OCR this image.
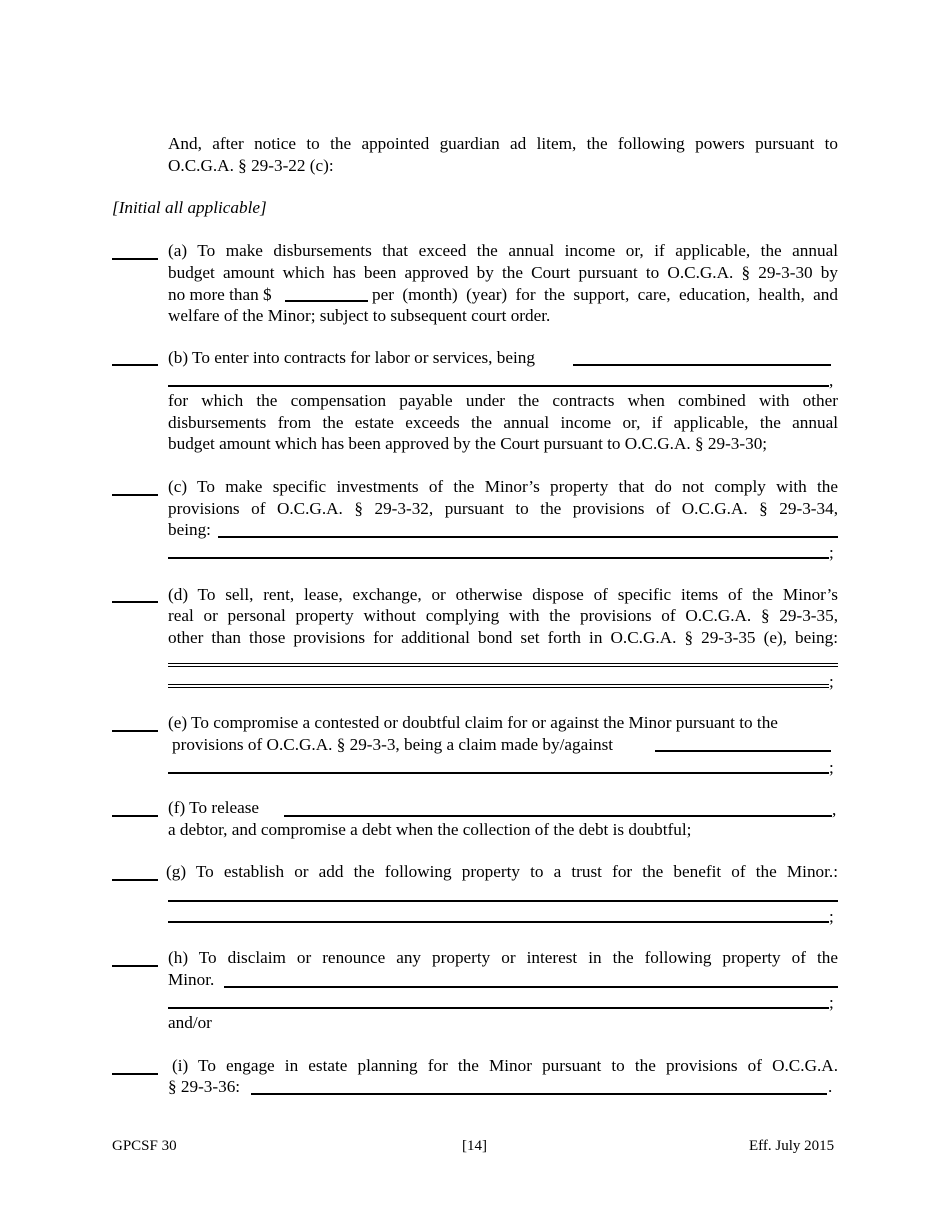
And, after notice to the appointed guardian ad litem, the following powers pursuant to
O.C.G.A. § 29-3-22 (c):
[Initial all applicable]
(a) To make disbursements that exceed the annual income or, if applicable, the annual
budget amount which has been approved by the Court pursuant to O.C.G.A. § 29-3-30 by
no more than $	per (month) (year) for the support, care, education, health, and
welfare of the Minor; subject to subsequent court order.
(b) To enter into contracts for labor or services, being
,
for which the compensation payable under the contracts when combined with other
disbursements from the estate exceeds the annual income or, if applicable, the annual
budget amount which has been approved by the Court pursuant to O.C.G.A. § 29-3-30;
(c) To make specific investments of the Minor’s property that do not comply with the
provisions of O.C.G.A. § 29-3-32, pursuant to the provisions of O.C.G.A. § 29-3-34,
being:
;
(d) To sell, rent, lease, exchange, or otherwise dispose of specific items of the Minor’s
real or personal property without complying with the provisions of O.C.G.A. § 29-3-35,
other than those provisions for additional bond set forth in O.C.G.A. § 29-3-35 (e), being:
;
(e) To compromise a contested or doubtful claim for or against the Minor pursuant to the
provisions of O.C.G.A. § 29-3-3, being a claim made by/against
;
(f) To release	,
a debtor, and compromise a debt when the collection of the debt is doubtful;
(g) To establish or add the following property to a trust for the benefit of the Minor.:
;
(h) To disclaim or renounce any property or interest in the following property of the
Minor.
;
and/or
(i) To engage in estate planning for the Minor pursuant to the provisions of O.C.G.A.
§ 29-3-36:	.
GPCSF 30	[14]	Eff. July 2015
